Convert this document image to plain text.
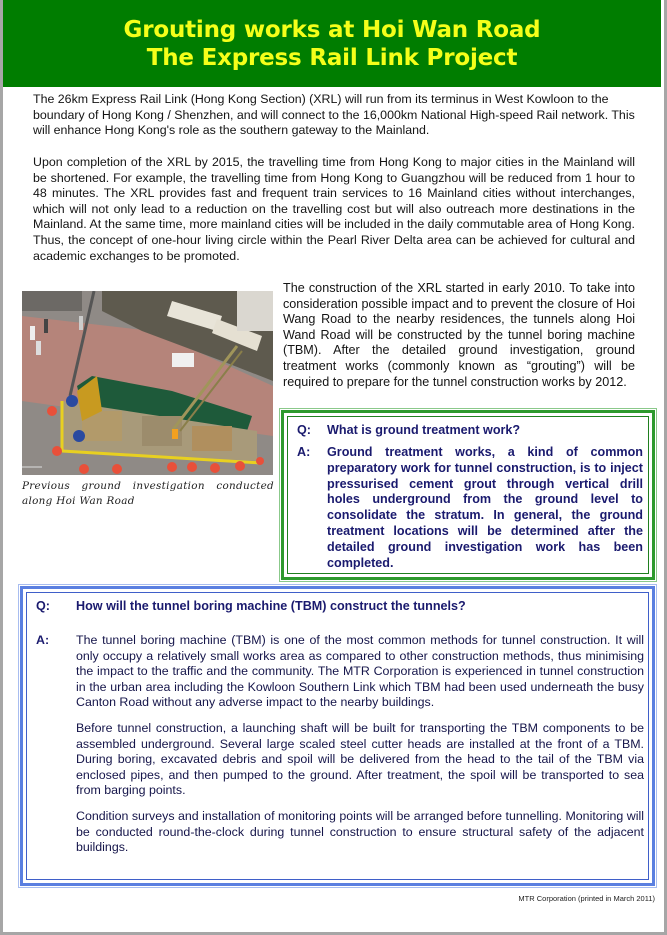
Grouting works at Hoi Wan Road
The Express Rail Link Project
The 26km Express Rail Link (Hong Kong Section) (XRL) will run from its terminus in West Kowloon to the boundary of Hong Kong / Shenzhen, and will connect to the 16,000km National High-speed Rail network. This will enhance Hong Kong's role as the southern gateway to the Mainland.
Upon completion of the XRL by 2015, the travelling time from Hong Kong to major cities in the Mainland will be shortened. For example, the travelling time from Hong Kong to Guangzhou will be reduced from 1 hour to 48 minutes. The XRL provides fast and frequent train services to 16 Mainland cities without interchanges, which will not only lead to a reduction on the travelling cost but will also outreach more destinations in the Mainland. At the same time, more mainland cities will be included in the daily commutable area of Hong Kong. Thus, the concept of one-hour living circle within the Pearl River Delta area can be achieved for cultural and academic exchanges to be promoted.
Previous ground investigation conducted along Hoi Wan Road
The construction of the XRL started in early 2010. To take into consideration possible impact and to prevent the closure of Hoi Wang Road to the nearby residences, the tunnels along Hoi Wand Road will be constructed by the tunnel boring machine (TBM). After the detailed ground investigation, ground treatment works (commonly known as “grouting”) will be required to prepare for the tunnel construction works by 2012.
Q:	What is ground treatment work?
A:	Ground treatment works, a kind of common preparatory work for tunnel construction, is to inject pressurised cement grout through vertical drill holes underground from the ground level to consolidate the stratum. In general, the ground treatment locations will be determined after the detailed ground investigation work has been completed.
Q:	How will the tunnel boring machine (TBM) construct the tunnels?
A:	The tunnel boring machine (TBM) is one of the most common methods for tunnel construction. It will only occupy a relatively small works area as compared to other construction methods, thus minimising the impact to the traffic and the community. The MTR Corporation is experienced in tunnel construction in the urban area including the Kowloon Southern Link which TBM had been used underneath the busy Canton Road without any adverse impact to the nearby buildings.

Before tunnel construction, a launching shaft will be built for transporting the TBM components to be assembled underground. Several large scaled steel cutter heads are installed at the front of a TBM. During boring, excavated debris and spoil will be delivered from the head to the tail of the TBM via enclosed pipes, and then pumped to the ground. After treatment, the spoil will be transported to sea from barging points.

Condition surveys and installation of monitoring points will be arranged before tunnelling. Monitoring will be conducted round-the-clock during tunnel construction to ensure structural safety of the adjacent buildings.

MTR Corporation (printed in March 2011)
